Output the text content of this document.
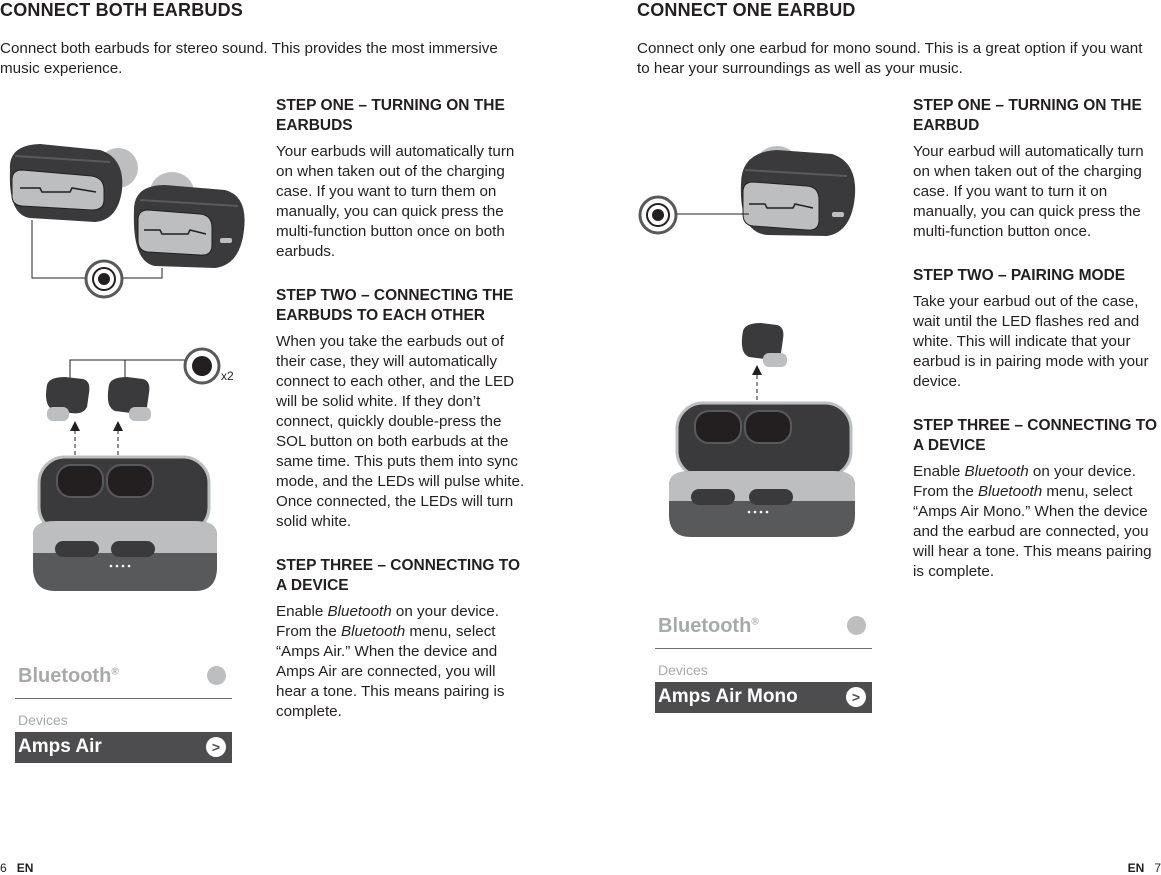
CONNECT BOTH EARBUDS

Connect both earbuds for stereo sound. This provides the most immersive music experience.

STEP ONE – TURNING ON THE EARBUDS

Your earbuds will automatically turn on when taken out of the charging case. If you want to turn them on manually, you can quick press the multi-function button once on both earbuds.

STEP TWO – CONNECTING THE EARBUDS TO EACH OTHER

When you take the earbuds out of their case, they will automatically connect to each other, and the LED will be solid white. If they don’t connect, quickly double-press the SOL button on both earbuds at the same time. This puts them into sync mode, and the LEDs will pulse white. Once connected, the LEDs will turn solid white.

STEP THREE – CONNECTING TO A DEVICE

Enable Bluetooth on your device. From the Bluetooth menu, select “Amps Air.” When the device and Amps Air are connected, you will hear a tone. This means pairing is complete.

x2
Bluetooth®
Devices
Amps Air	>
6 EN
CONNECT ONE EARBUD

Connect only one earbud for mono sound. This is a great option if you want to hear your surroundings as well as your music.

STEP ONE – TURNING ON THE EARBUD

Your earbud will automatically turn on when taken out of the charging case. If you want to turn it on manually, you can quick press the multi-function button once.

STEP TWO – PAIRING MODE

Take your earbud out of the case, wait until the LED flashes red and white. This will indicate that your earbud is in pairing mode with your device.

STEP THREE – CONNECTING TO A DEVICE

Enable Bluetooth on your device. From the Bluetooth menu, select “Amps Air Mono.” When the device and the earbud are connected, you will hear a tone. This means pairing is complete.

Bluetooth®
Devices
Amps Air Mono	>
EN 7
